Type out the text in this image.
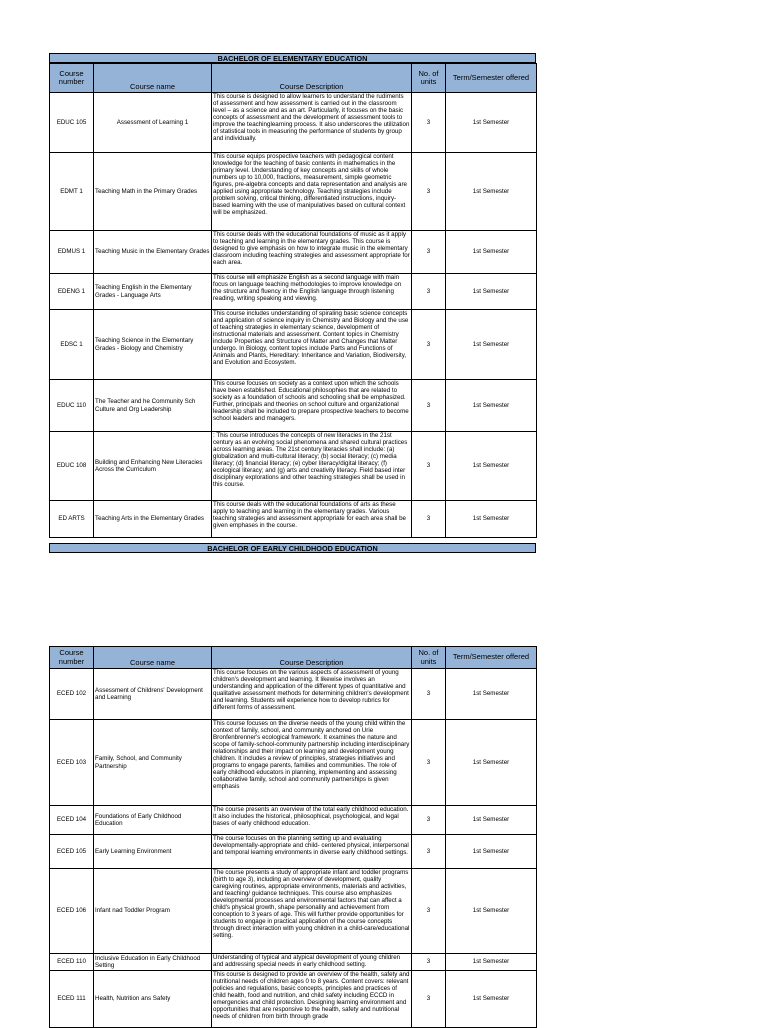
BACHELOR OF ELEMENTARY EDUCATION
Course number	Course name	Course Description	No. of units	Term/Semester offered
EDUC 105	Assessment of Learning 1	This course is designed to allow learners to understand the rudiments of assessment and how assessment is carried out in the classroom level – as a science and as an art. Particularly, it focuses on the basic concepts of assessment and the development of assessment tools to improve the teachinglearning process. It also underscores the utilization of statistical tools in measuring the performance of students by group and individually.	3	1st Semester
EDMT 1	Teaching Math in the Primary Grades	This course equips prospective teachers with pedagogical content knowledge for the teaching of basic contents in mathematics in the primary level. Understanding of key concepts and skills of whole numbers up to 10,000, fractions, measurement, simple geometric figures, pre-algebra concepts and data representation and analysis are applied using appropriate technology. Teaching strategies include problem solving, critical thinking, differentiated instructions, inquiry-based learning with the use of manipulatives based on cultural context will be emphasized.	3	1st Semester
EDMUS 1	Teaching Music in the Elementary Grades	This course deals with the educational foundations of music as it apply to teaching and learning in the elementary grades. This course is designed to give emphasis on how to integrate music in the elementary classroom including teaching strategies and assessment appropriate for each area.	3	1st Semester
EDENG 1	Teaching English in the Elementary Grades - Language Arts	This course will emphasize English as a second language with main focus on language teaching methodologies to improve knowledge on the structure and fluency in the English language through listening reading, writing speaking and viewing.	3	1st Semester
EDSC 1	Teaching Science in the Elementary Grades - Biology and Chemistry	This course includes understanding of spiraling basic science concepts and application of science inquiry in Chemistry and Biology and the use of teaching strategies in elementary science, development of instructional materials and assessment. Content topics in Chemistry include Properties and Structure of Matter and Changes that Matter undergo. In Biology, content topics include Parts and Functions of Animals and Plants, Hereditary: Inheritance and Variation, Biodiversity, and Evolution and Ecosystem.	3	1st Semester
EDUC 110	The Teacher and he Community Sch Culture and Org Leadership	This course focuses on society as a context upon which the schools have been established. Educational philosophies that are related to society as a foundation of schools and schooling shall be emphasized. Further, principals and theories on school culture and organizational leadership shall be included to prepare prospective teachers to become school leaders and managers.	3	1st Semester
EDUC 108	Building and Enhancing New Literacies Across the Curriculum	: This course introduces the concepts of new literacies in the 21st century as an evolving social phenomena and shared cultural practices across learning areas. The 21st century literacies shall include: (a) globalization and multi-cultural literacy; (b) social literacy; (c) media literacy; (d) financial literacy; (e) cyber literacy/digital literacy; (f) ecological literacy; and (g) arts and creativity literacy. Field based inter disciplinary explorations and other teaching strategies shall be used in this course.	3	1st Semester
ED ARTS	Teaching Arts in the Elementary Grades	This course deals with the educational foundations of arts as these apply to teaching and learning in the elementary grades. Various teaching strategies and assessment appropriate for each area shall be given emphases in the course.	3	1st Semester
BACHELOR OF EARLY CHILDHOOD EDUCATION
Course number	Course name	Course Description	No. of units	Term/Semester offered
ECED 102	Assessment of Childrens' Development and Learning	This course focuses on the various aspects of assessment of young children's development and learning. It likewise involves an understanding and application of the different types of quantitative and qualitative assessment methods for determining children's development and learning. Students will experience how to develop rubrics for different forms of assessment.	3	1st Semester
ECED 103	Family, School, and Community Partnership	This course focuses on the diverse needs of the young child within the context of family, school, and community anchored on Urie Bronfenbrenner's ecological framework. It examines the nature and scope of family-school-community partnership including interdisciplinary relationships and their impact on learning and development young children. It includes a review of principles, strategies initiatives and programs to engage parents, families and communities. The role of early childhood educators in planning, implementing and assessing collaborative family, school and community partnerships is given emphasis	3	1st Semester
ECED 104	Foundations of Early Childhood Education	The course presents an overview of the total early childhood education. It also includes the historical, philosophical, psychological, and legal bases of early childhood education.	3	1st Semester
ECED 105	Early Learning Environment	The course focuses on the planning setting up and evaluating developmentally-appropriate and child- centered physical, interpersonal and temporal learning environments in diverse early childhood settings.	3	1st Semester
ECED 106	Infant nad Toddler Program	The course presents a study of appropriate infant and toddler programs (birth to age 3), including an overview of development, quality caregiving routines, appropriate environments, materials and activities, and teaching/ guidance techniques. This course also emphasizes developmental processes and environmental factors that can affect a child's physical growth, shape personality and achievement from conception to 3 years of age. This will further provide opportunities for students to engage in practical application of the course concepts through direct interaction with young children in a child-care/educational setting.	3	1st Semester
ECED 110	Inclusive Education in Early Childhood Setting	Understanding of typical and atypical development of young children and addressing special needs in early childhood setting.	3	1st Semester
ECED 111	Health, Nutrition ans Safety	This course is designed to provide an overview of the health, safety and nutritional needs of children ages 0 to 8 years. Content covers: relevant policies and regulations, basic concepts, principles and practices of child health, food and nutrition, and child safety including ECCD in emergencies and child protection. Designing learning environment and opportunities that are responsive to the health, safety and nutritional needs of children from birth through grade	3	1st Semester
